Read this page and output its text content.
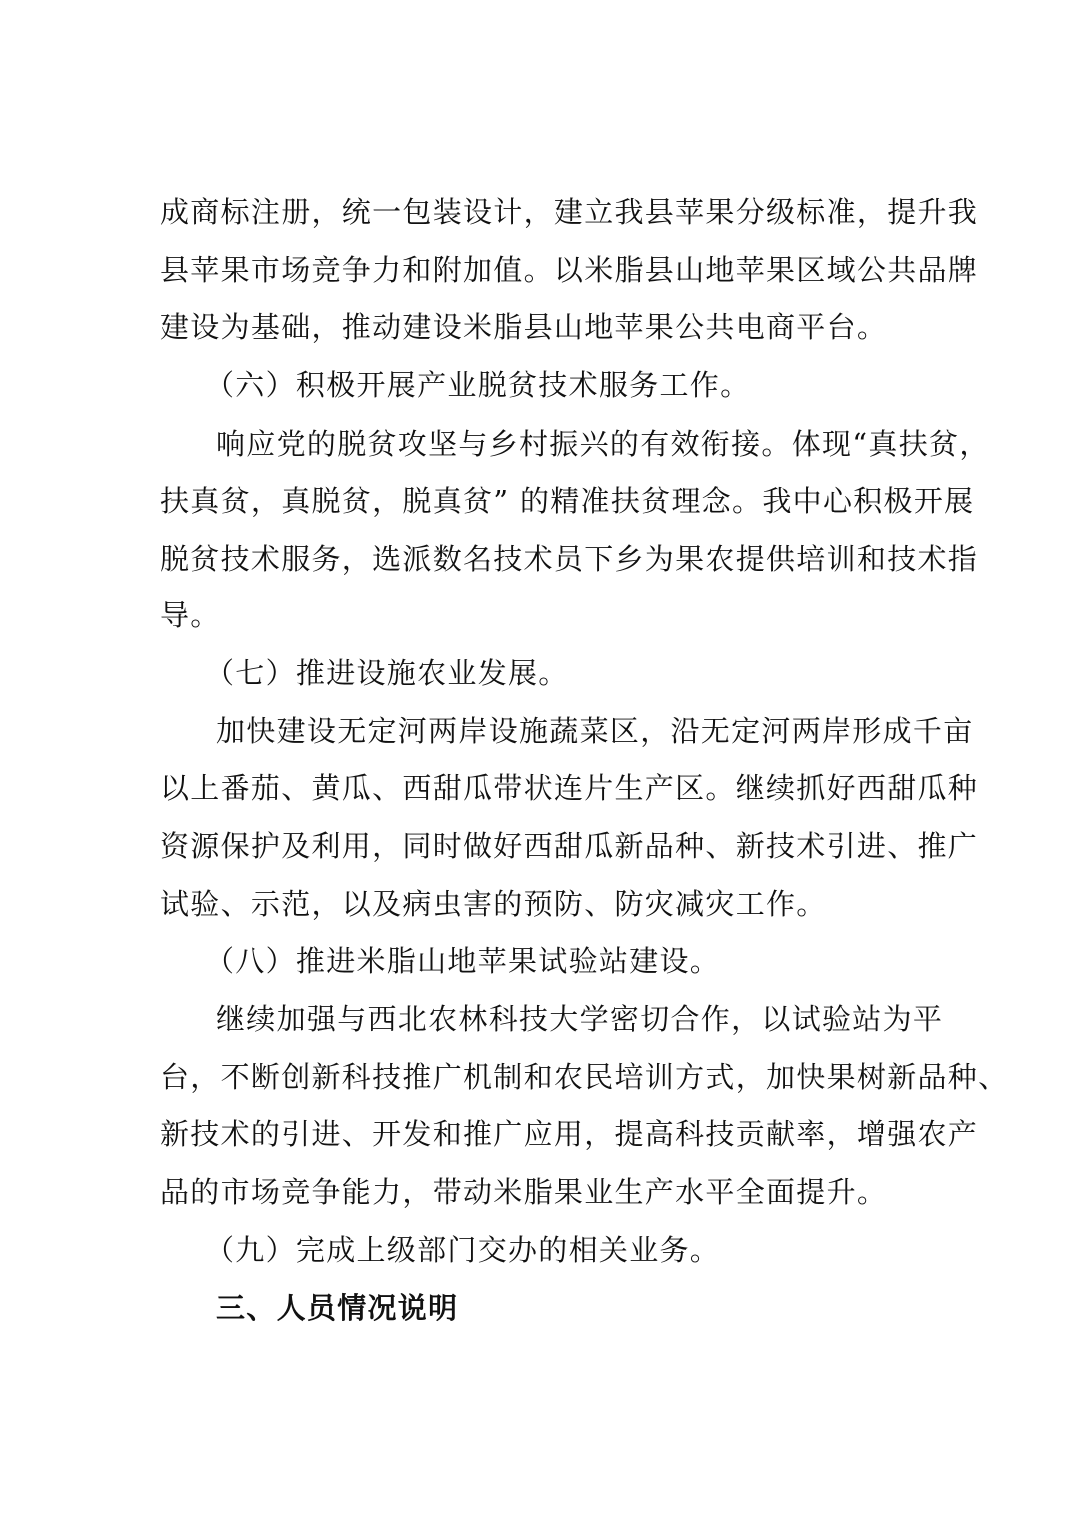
成商标注册，统一包装设计，建立我县苹果分级标准，提升我
县苹果市场竞争力和附加值。以米脂县山地苹果区域公共品牌
建设为基础，推动建设米脂县山地苹果公共电商平台。
（六）积极开展产业脱贫技术服务工作。
响应党的脱贫攻坚与乡村振兴的有效衔接。体现“真扶贫，
扶真贫，真脱贫，脱真贫” 的精准扶贫理念。我中心积极开展
脱贫技术服务，选派数名技术员下乡为果农提供培训和技术指
导。
（七）推进设施农业发展。
加快建设无定河两岸设施蔬菜区，沿无定河两岸形成千亩
以上番茄、黄瓜、西甜瓜带状连片生产区。继续抓好西甜瓜种
资源保护及利用，同时做好西甜瓜新品种、新技术引进、推广
试验、示范，以及病虫害的预防、防灾减灾工作。
（八）推进米脂山地苹果试验站建设。
继续加强与西北农林科技大学密切合作，以试验站为平
台，不断创新科技推广机制和农民培训方式，加快果树新品种、
新技术的引进、开发和推广应用，提高科技贡献率，增强农产
品的市场竞争能力，带动米脂果业生产水平全面提升。
（九）完成上级部门交办的相关业务。
三、人员情况说明
